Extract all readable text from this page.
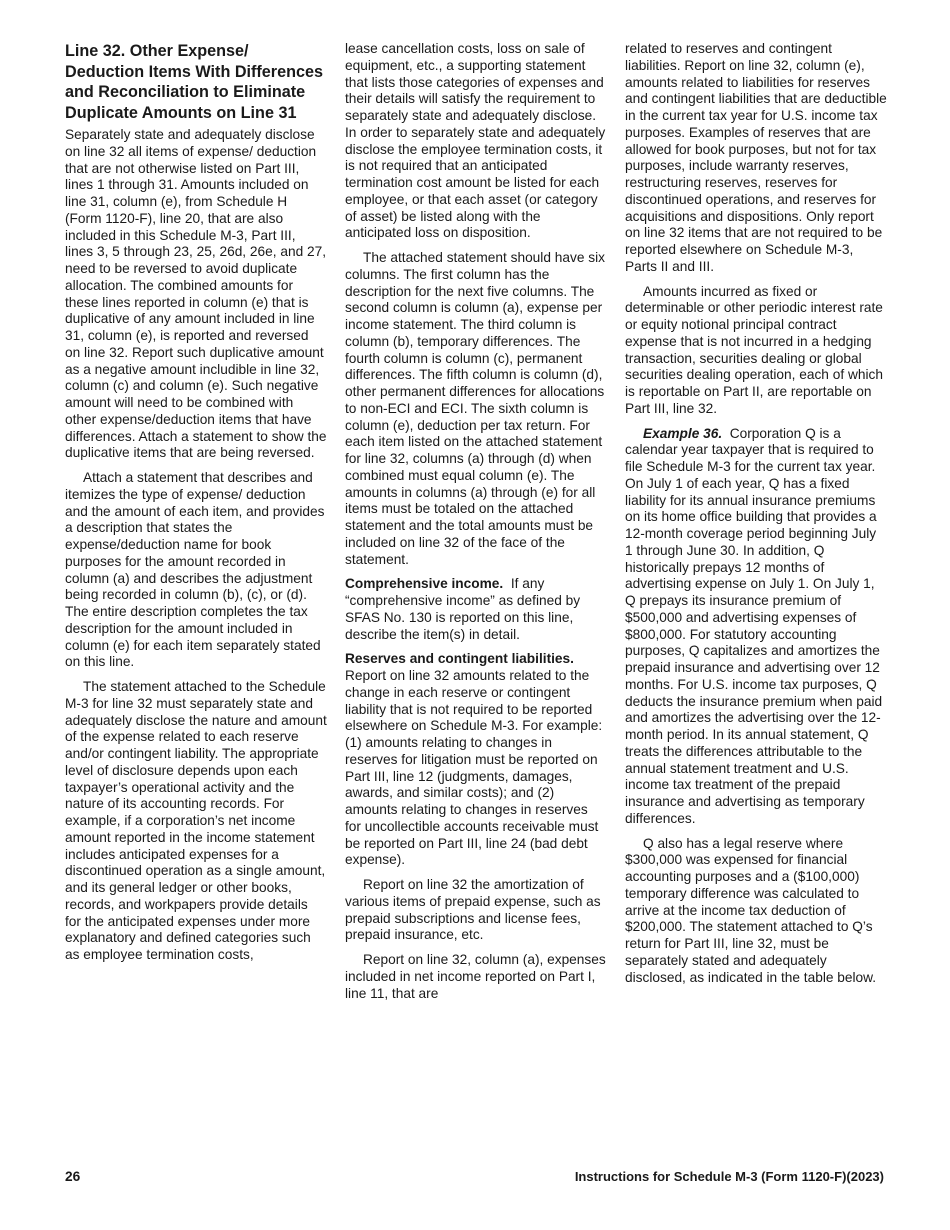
Line 32. Other Expense/ Deduction Items With Differences and Reconciliation to Eliminate Duplicate Amounts on Line 31

Separately state and adequately disclose on line 32 all items of expense/ deduction that are not otherwise listed on Part III, lines 1 through 31. Amounts included on line 31, column (e), from Schedule H (Form 1120-F), line 20, that are also included in this Schedule M-3, Part III, lines 3, 5 through 23, 25, 26d, 26e, and 27, need to be reversed to avoid duplicate allocation. The combined amounts for these lines reported in column (e) that is duplicative of any amount included in line 31, column (e), is reported and reversed on line 32. Report such duplicative amount as a negative amount includible in line 32, column (c) and column (e). Such negative amount will need to be combined with other expense/deduction items that have differences. Attach a statement to show the duplicative items that are being reversed.

Attach a statement that describes and itemizes the type of expense/ deduction and the amount of each item, and provides a description that states the expense/deduction name for book purposes for the amount recorded in column (a) and describes the adjustment being recorded in column (b), (c), or (d). The entire description completes the tax description for the amount included in column (e) for each item separately stated on this line.

The statement attached to the Schedule M-3 for line 32 must separately state and adequately disclose the nature and amount of the expense related to each reserve and/or contingent liability. The appropriate level of disclosure depends upon each taxpayer’s operational activity and the nature of its accounting records. For example, if a corporation’s net income amount reported in the income statement includes anticipated expenses for a discontinued operation as a single amount, and its general ledger or other books, records, and workpapers provide details for the anticipated expenses under more explanatory and defined categories such as employee termination costs,

lease cancellation costs, loss on sale of equipment, etc., a supporting statement that lists those categories of expenses and their details will satisfy the requirement to separately state and adequately disclose. In order to separately state and adequately disclose the employee termination costs, it is not required that an anticipated termination cost amount be listed for each employee, or that each asset (or category of asset) be listed along with the anticipated loss on disposition.

The attached statement should have six columns. The first column has the description for the next five columns. The second column is column (a), expense per income statement. The third column is column (b), temporary differences. The fourth column is column (c), permanent differences. The fifth column is column (d), other permanent differences for allocations to non-ECI and ECI. The sixth column is column (e), deduction per tax return. For each item listed on the attached statement for line 32, columns (a) through (d) when combined must equal column (e). The amounts in columns (a) through (e) for all items must be totaled on the attached statement and the total amounts must be included on line 32 of the face of the statement.

Comprehensive income. If any “comprehensive income” as defined by SFAS No. 130 is reported on this line, describe the item(s) in detail.

Reserves and contingent liabilities.
Report on line 32 amounts related to the change in each reserve or contingent liability that is not required to be reported elsewhere on Schedule M-3. For example: (1) amounts relating to changes in reserves for litigation must be reported on Part III, line 12 (judgments, damages, awards, and similar costs); and (2) amounts relating to changes in reserves for uncollectible accounts receivable must be reported on Part III, line 24 (bad debt expense).

Report on line 32 the amortization of various items of prepaid expense, such as prepaid subscriptions and license fees, prepaid insurance, etc.

Report on line 32, column (a), expenses included in net income reported on Part I, line 11, that are

related to reserves and contingent liabilities. Report on line 32, column (e), amounts related to liabilities for reserves and contingent liabilities that are deductible in the current tax year for U.S. income tax purposes. Examples of reserves that are allowed for book purposes, but not for tax purposes, include warranty reserves, restructuring reserves, reserves for discontinued operations, and reserves for acquisitions and dispositions. Only report on line 32 items that are not required to be reported elsewhere on Schedule M-3, Parts II and III.

Amounts incurred as fixed or determinable or other periodic interest rate or equity notional principal contract expense that is not incurred in a hedging transaction, securities dealing or global securities dealing operation, each of which is reportable on Part II, are reportable on Part III, line 32.

Example 36. Corporation Q is a calendar year taxpayer that is required to file Schedule M-3 for the current tax year. On July 1 of each year, Q has a fixed liability for its annual insurance premiums on its home office building that provides a 12-month coverage period beginning July 1 through June 30. In addition, Q historically prepays 12 months of advertising expense on July 1. On July 1, Q prepays its insurance premium of $500,000 and advertising expenses of $800,000. For statutory accounting purposes, Q capitalizes and amortizes the prepaid insurance and advertising over 12 months. For U.S. income tax purposes, Q deducts the insurance premium when paid and amortizes the advertising over the 12-month period. In its annual statement, Q treats the differences attributable to the annual statement treatment and U.S. income tax treatment of the prepaid insurance and advertising as temporary differences.

Q also has a legal reserve where $300,000 was expensed for financial accounting purposes and a ($100,000) temporary difference was calculated to arrive at the income tax deduction of $200,000. The statement attached to Q’s return for Part III, line 32, must be separately stated and adequately disclosed, as indicated in the table below.

26	Instructions for Schedule M-3 (Form 1120-F)(2023)
